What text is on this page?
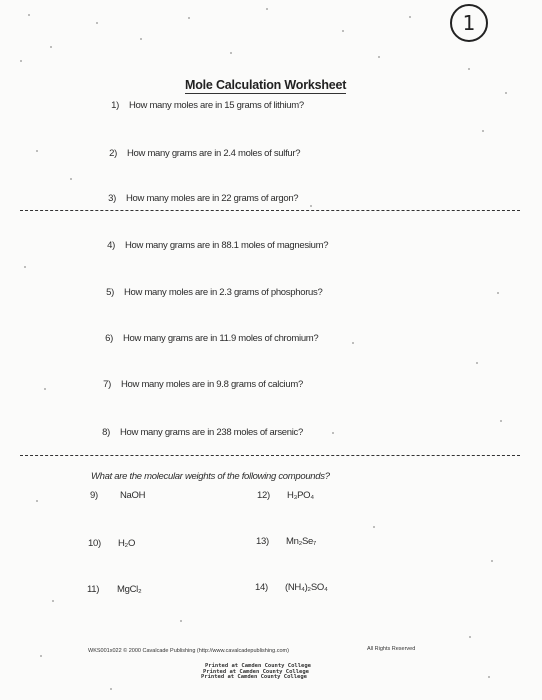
1
Mole Calculation Worksheet
1) How many moles are in 15 grams of lithium?
2) How many grams are in 2.4 moles of sulfur?
3) How many moles are in 22 grams of argon?
4) How many grams are in 88.1 moles of magnesium?
5) How many moles are in 2.3 grams of phosphorus?
6) How many grams are in 11.9 moles of chromium?
7) How many moles are in 9.8 grams of calcium?
8) How many grams are in 238 moles of arsenic?
What are the molecular weights of the following compounds?
9) NaOH
10) H₂O
11) MgCl₂
12) H₃PO₄
13) Mn₂Se₇
14) (NH₄)₂SO₄
WKS001x022 © 2000 Cavalcade Publishing (http://www.cavalcadepublishing.com)	All Rights Reserved
Printed at Camden County College
Printed at Camden County College
Printed at Camden County College
